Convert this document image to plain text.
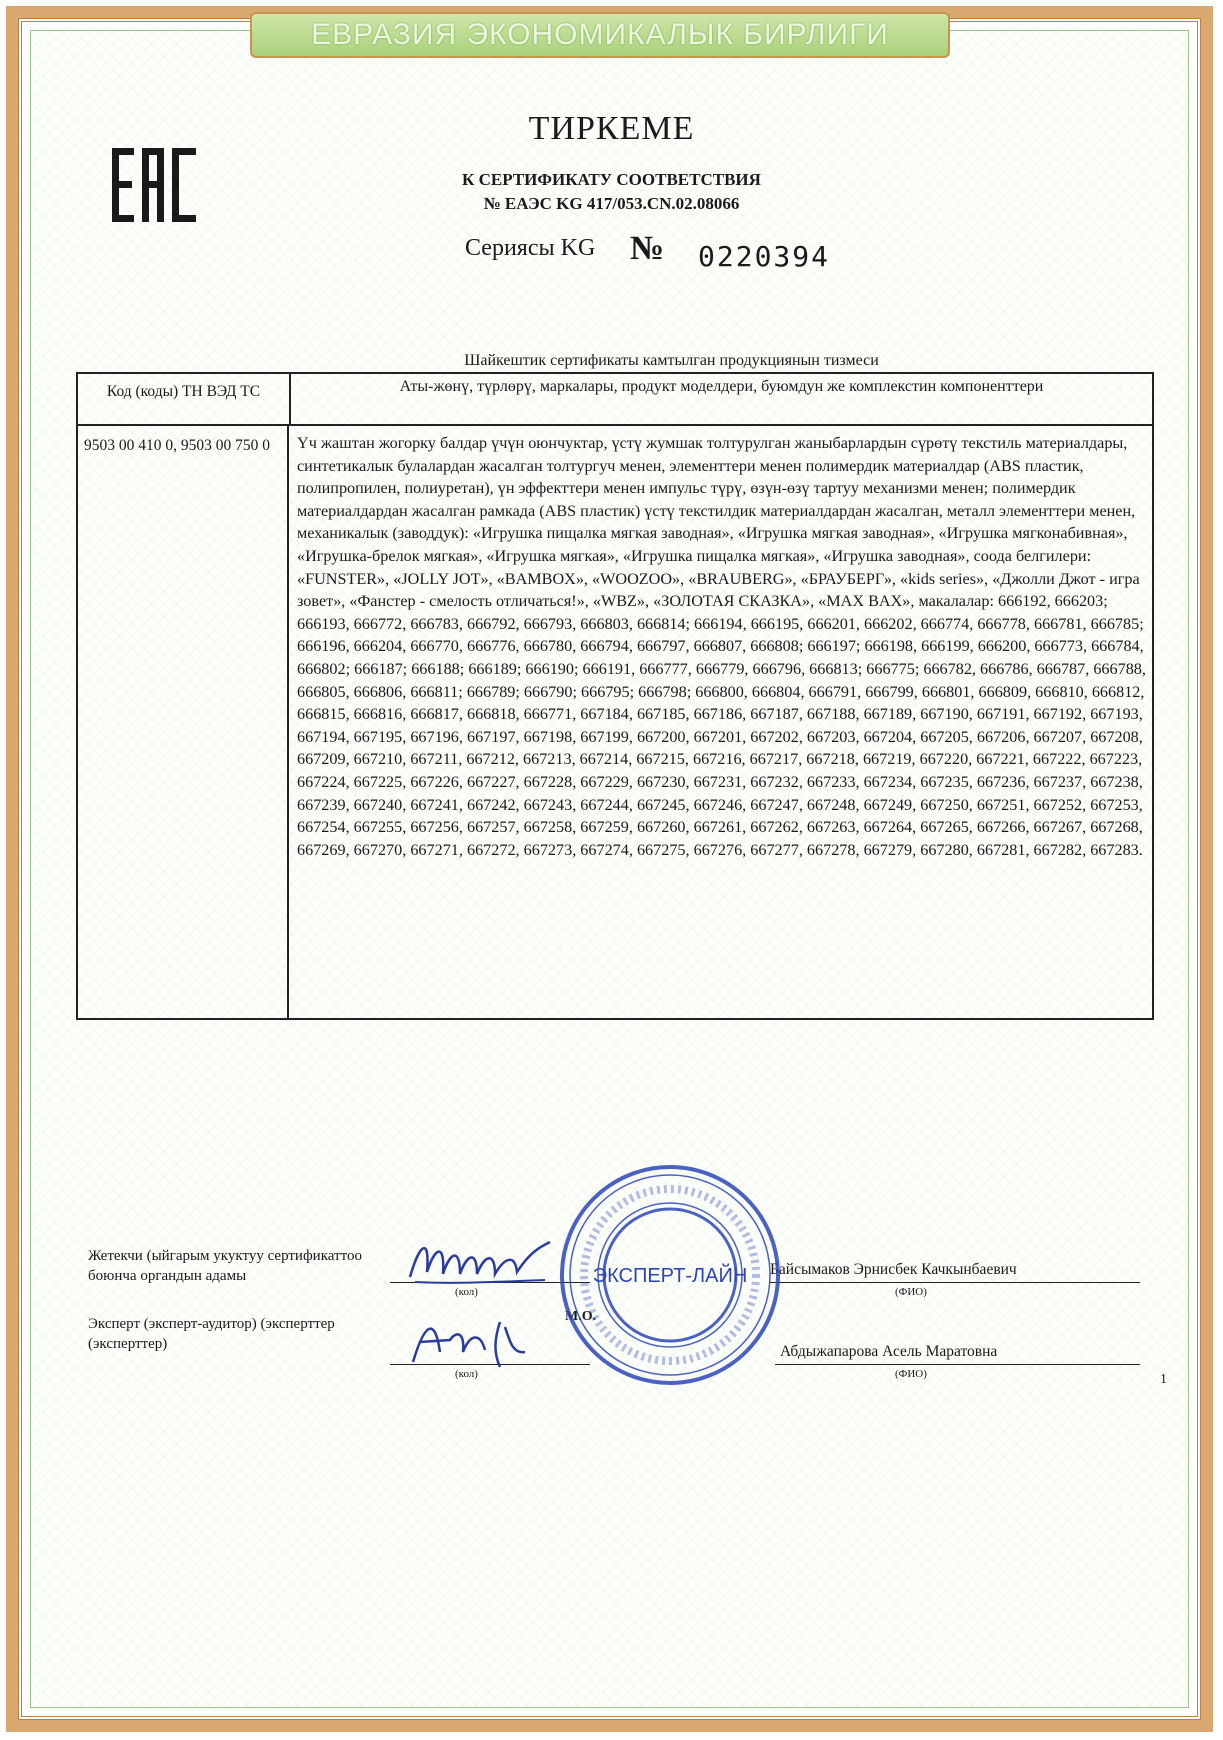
ЕВРАЗИЯ ЭКОНОМИКАЛЫК БИРЛИГИ
ТИРКЕМЕ
К СЕРТИФИКАТУ СООТВЕТСТВИЯ
№ ЕАЭС KG 417/053.CN.02.08066
Сериясы KG № 0220394
Шайкештик сертификаты камтылган продукциянын тизмеси
Код (коды) ТН ВЭД ТС	Аты-жөнү, түрлөрү, маркалары, продукт моделдери, буюмдун же комплекстин компоненттери
9503 00 410 0, 9503 00 750 0	Үч жаштан жогорку балдар үчүн оюнчуктар, үстү жумшак толтурулган жаныбарлардын сүрөтү текстиль материалдары, синтетикалык булалардан жасалган толтургуч менен, элементтери менен полимердик материалдар (ABS пластик, полипропилен, полиуретан), үн эффекттери менен импульс түрү, өзүн-өзү тартуу механизми менен; полимердик материалдардан жасалган рамкада (ABS пластик) үстү текстилдик материалдардан жасалган, металл элементтери менен, механикалык (заводдук): «Игрушка пищалка мягкая заводная», «Игрушка мягкая заводная», «Игрушка мягконабивная», «Игрушка-брелок мягкая», «Игрушка мягкая», «Игрушка пищалка мягкая», «Игрушка заводная», соода белгилери: «FUNSTER», «JOLLY JOT», «BAMBOX», «WOOZOO», «BRAUBERG», «БРАУБЕРГ», «kids series», «Джолли Джот - игра зовет», «Фанстер - смелость отличаться!», «WBZ», «ЗОЛОТАЯ СКАЗКА», «MAX BAX», макалалар: 666192, 666203; 666193, 666772, 666783, 666792, 666793, 666803, 666814; 666194, 666195, 666201, 666202, 666774, 666778, 666781, 666785; 666196, 666204, 666770, 666776, 666780, 666794, 666797, 666807, 666808; 666197; 666198, 666199, 666200, 666773, 666784, 666802; 666187; 666188; 666189; 666190; 666191, 666777, 666779, 666796, 666813; 666775; 666782, 666786, 666787, 666788, 666805, 666806, 666811; 666789; 666790; 666795; 666798; 666800, 666804, 666791, 666799, 666801, 666809, 666810, 666812, 666815, 666816, 666817, 666818, 666771, 667184, 667185, 667186, 667187, 667188, 667189, 667190, 667191, 667192, 667193, 667194, 667195, 667196, 667197, 667198, 667199, 667200, 667201, 667202, 667203, 667204, 667205, 667206, 667207, 667208, 667209, 667210, 667211, 667212, 667213, 667214, 667215, 667216, 667217, 667218, 667219, 667220, 667221, 667222, 667223, 667224, 667225, 667226, 667227, 667228, 667229, 667230, 667231, 667232, 667233, 667234, 667235, 667236, 667237, 667238, 667239, 667240, 667241, 667242, 667243, 667244, 667245, 667246, 667247, 667248, 667249, 667250, 667251, 667252, 667253, 667254, 667255, 667256, 667257, 667258, 667259, 667260, 667261, 667262, 667263, 667264, 667265, 667266, 667267, 667268, 667269, 667270, 667271, 667272, 667273, 667274, 667275, 667276, 667277, 667278, 667279, 667280, 667281, 667282, 667283.
Жетекчи (ыйгарым укуктуу сертификаттоо боюнча органдын адамы
(кол)
Байсымаков Эрнисбек Качкынбаевич
(ФИО)
М.О.
Эксперт (эксперт-аудитор) (эксперттер (эксперттер)
(кол)
Абдыжапарова Асель Маратовна
(ФИО)
ЭКСПЕРТ-ЛАЙН
1
